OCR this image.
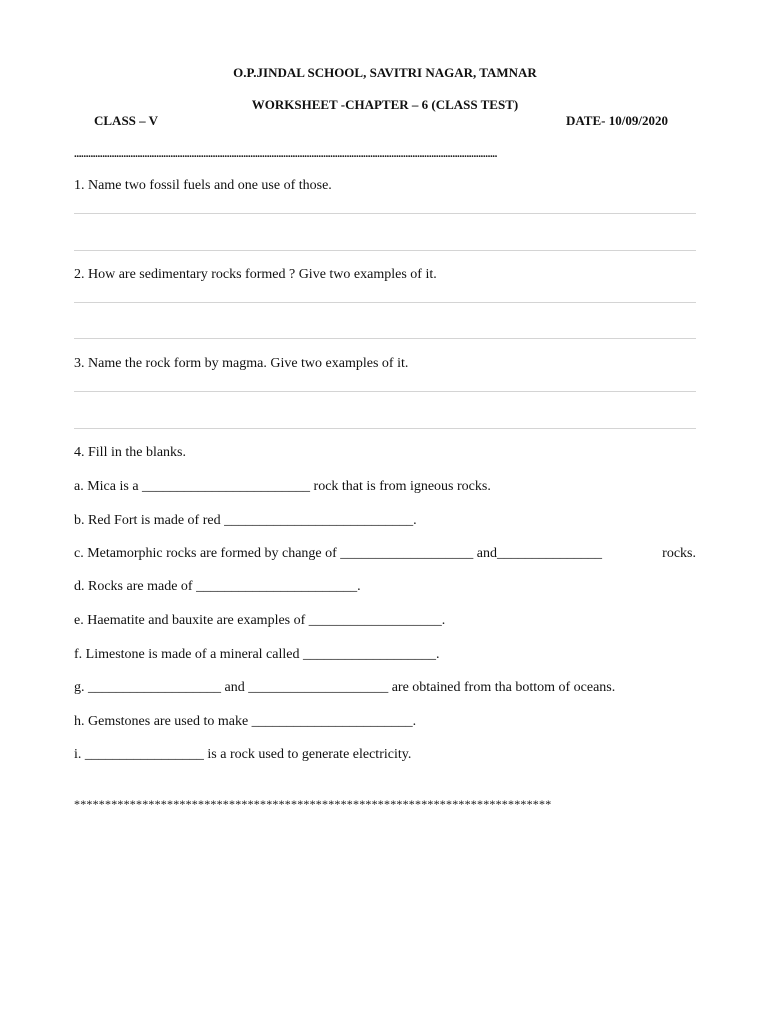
O.P.JINDAL SCHOOL, SAVITRI NAGAR, TAMNAR
WORKSHEET -CHAPTER – 6 (CLASS TEST)
CLASS – V	DATE- 10/09/2020
....................................................................................................................................................................................
1. Name two fossil fuels and one use of those.
2. How are sedimentary rocks formed ? Give two examples of it.
3. Name the rock form by magma. Give two examples of it.
4. Fill in the blanks.
a. Mica is a ________________________ rock that is from igneous rocks.
b. Red Fort is made of red ___________________________.
c. Metamorphic rocks are formed by change of ___________________ and_______________	rocks.
d. Rocks are made of _______________________.
e. Haematite and bauxite are examples of ___________________.
f. Limestone is made of a mineral called ___________________.
g. ___________________ and ____________________ are obtained from tha bottom of oceans.
h. Gemstones are used to make _______________________.
i. _________________ is a rock used to generate electricity.
*****************************************************************************
